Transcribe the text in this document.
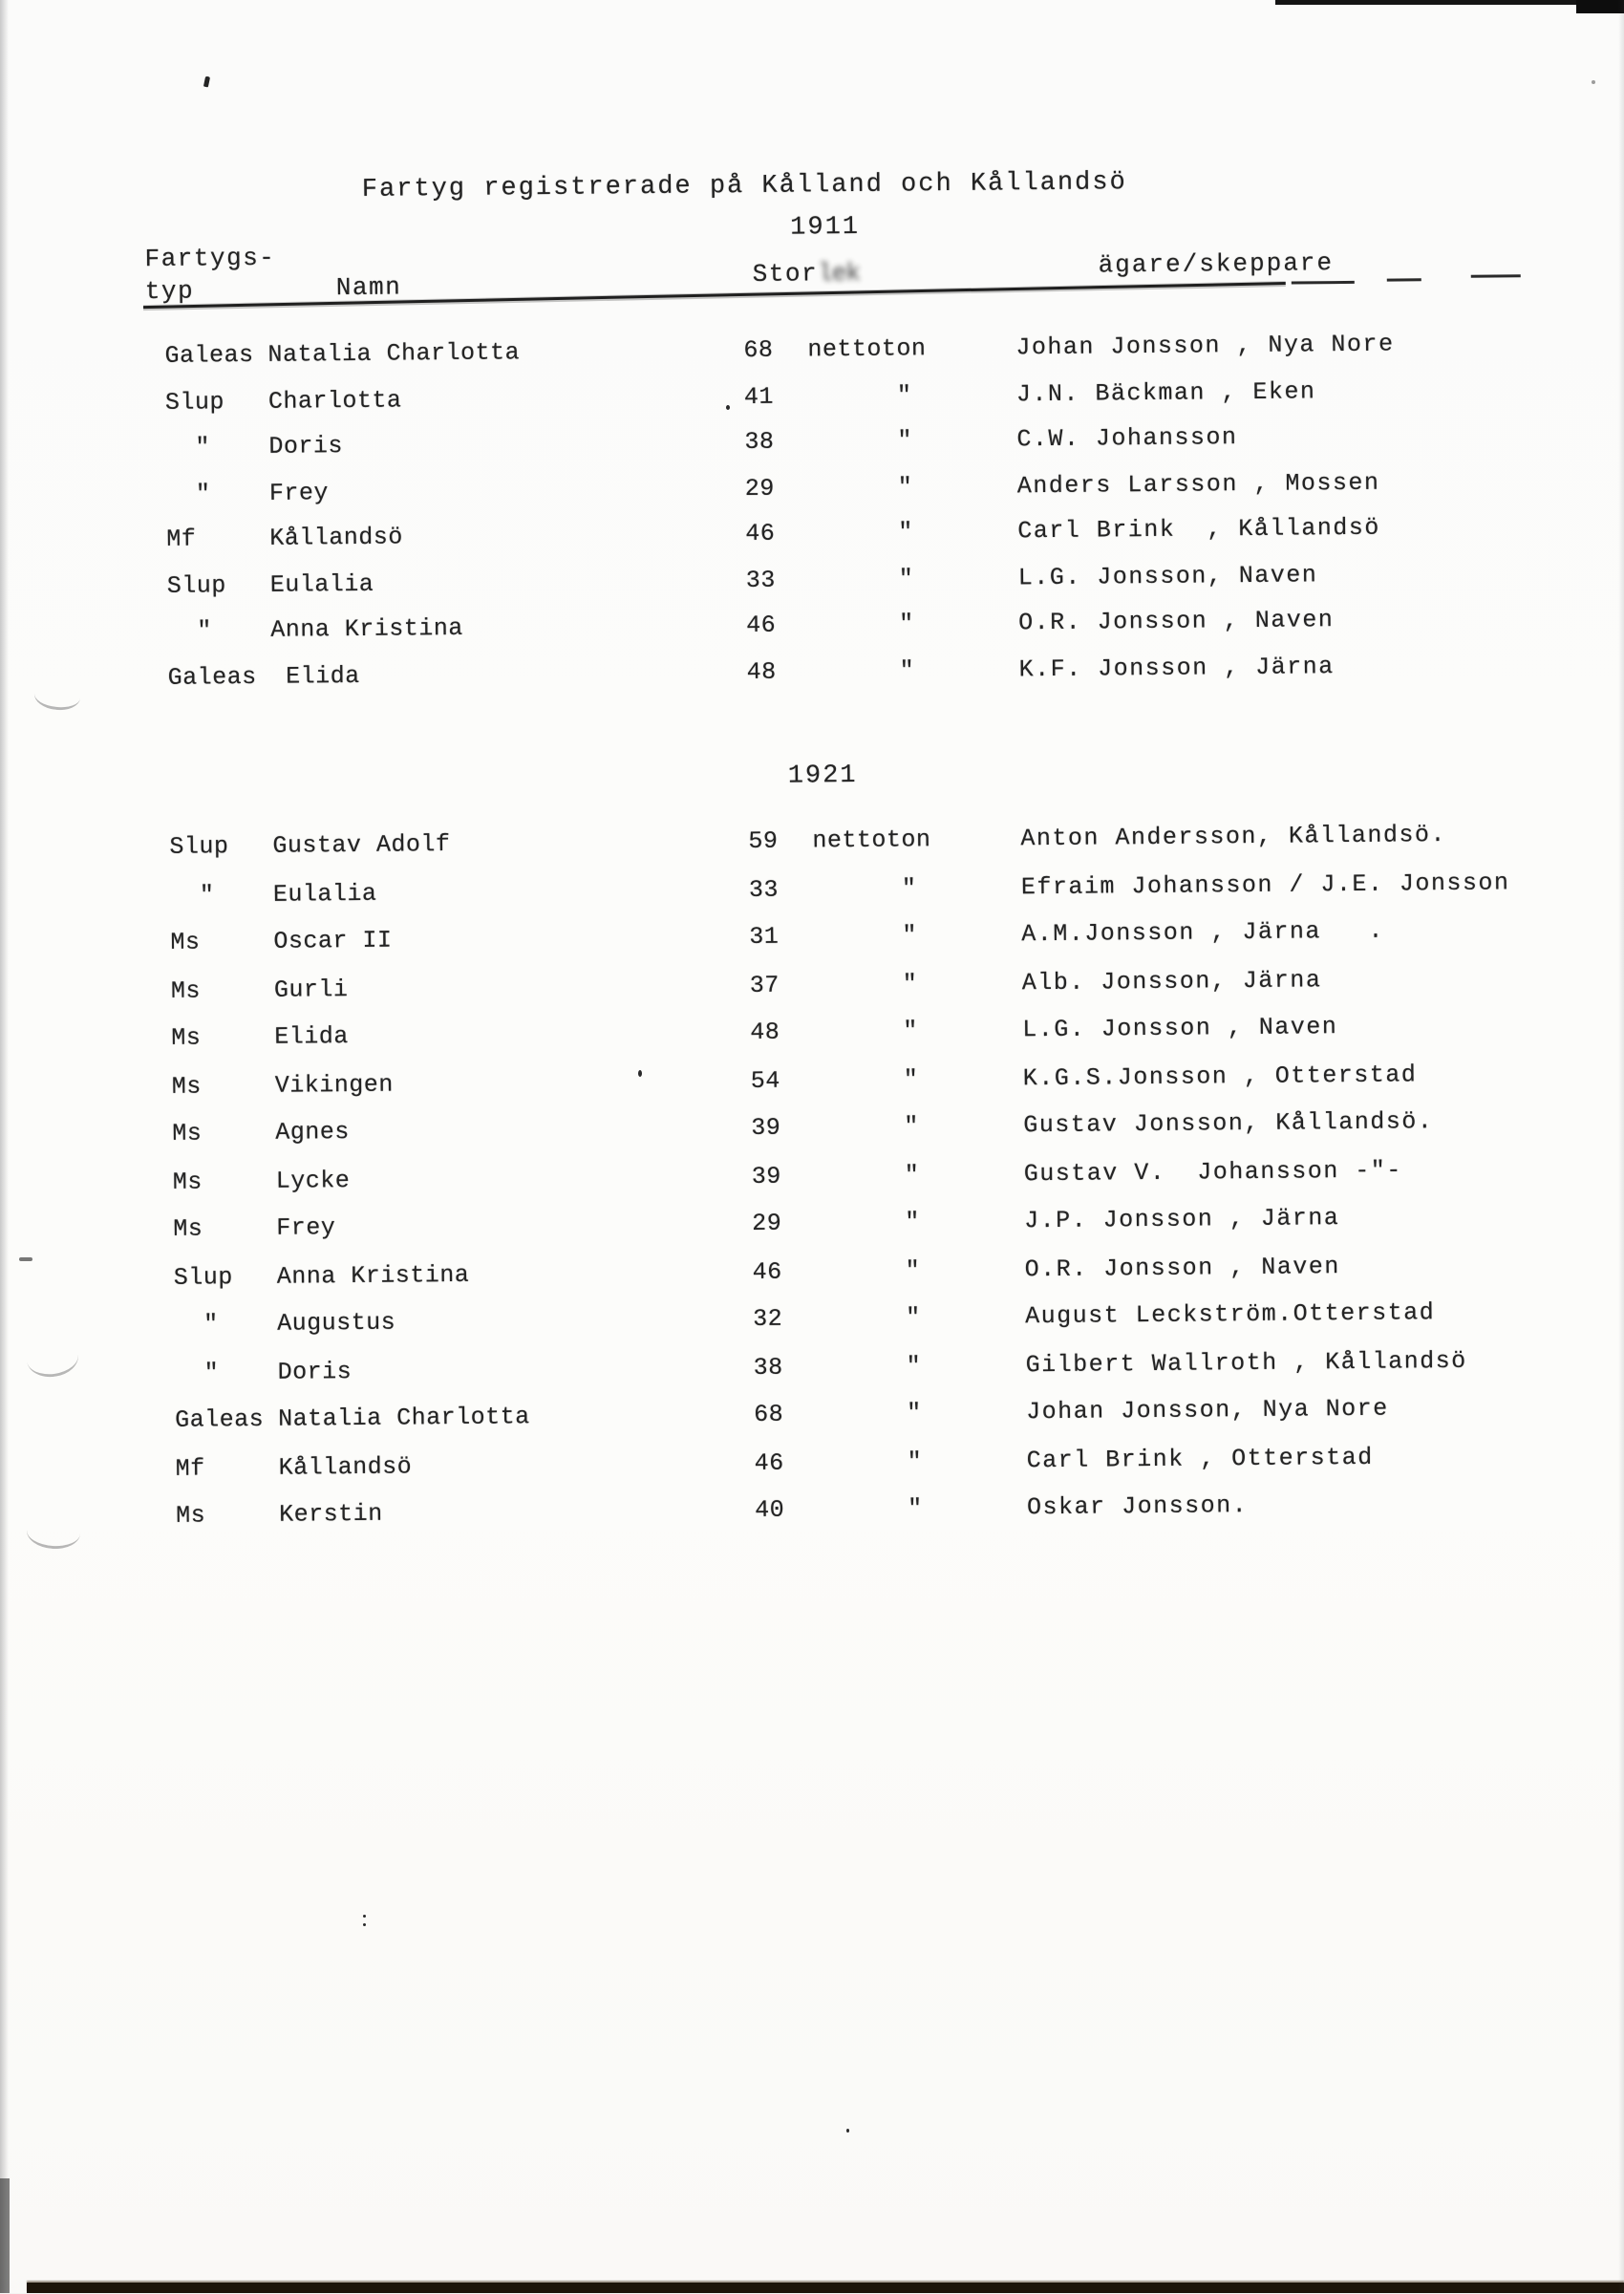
Fartyg registrerade på Kålland och Kållandsö
1911
Fartygs-
typ	Namn	Storlek	ägare/skeppare
Galeas Natalia Charlotta	68 nettoton	Johan Jonsson , Nya Nore
Slup Charlotta	41 "	J.N. Bäckman , Eken
" Doris	38 "	C.W. Johansson
" Frey	29 "	Anders Larsson , Mossen
Mf	Kållandsö	46 "	Carl Brink  , Kållandsö
Slup Eulalia	33 "	L.G. Jonsson, Naven
" Anna Kristina	46 "	O.R. Jonsson , Naven
Galeas Elida	48 "	K.F. Jonsson , Järna
1921
Slup Gustav Adolf	59 nettoton	Anton Andersson, Kållandsö.
" Eulalia	33 "	Efraim Johansson / J.E. Jonsson
Ms	Oscar II	31 "	A.M.Jonsson , Järna   .
Ms	Gurli	37 "	Alb. Jonsson, Järna
Ms	Elida	48 "	L.G. Jonsson , Naven
Ms	Vikingen	54 "	K.G.S.Jonsson , Otterstad
Ms	Agnes	39 "	Gustav Jonsson, Kållandsö.
Ms	Lycke	39 "	Gustav V.  Johansson -"-
Ms	Frey	29 "	J.P. Jonsson , Järna
Slup Anna Kristina	46 "	O.R. Jonsson , Naven
" Augustus	32 "	August Leckström.Otterstad
" Doris	38 "	Gilbert Wallroth , Kållandsö
Galeas Natalia Charlotta	68 "	Johan Jonsson, Nya Nore
Mf	Kållandsö	46 "	Carl Brink , Otterstad
Ms	Kerstin	40 "	Oskar Jonsson.
